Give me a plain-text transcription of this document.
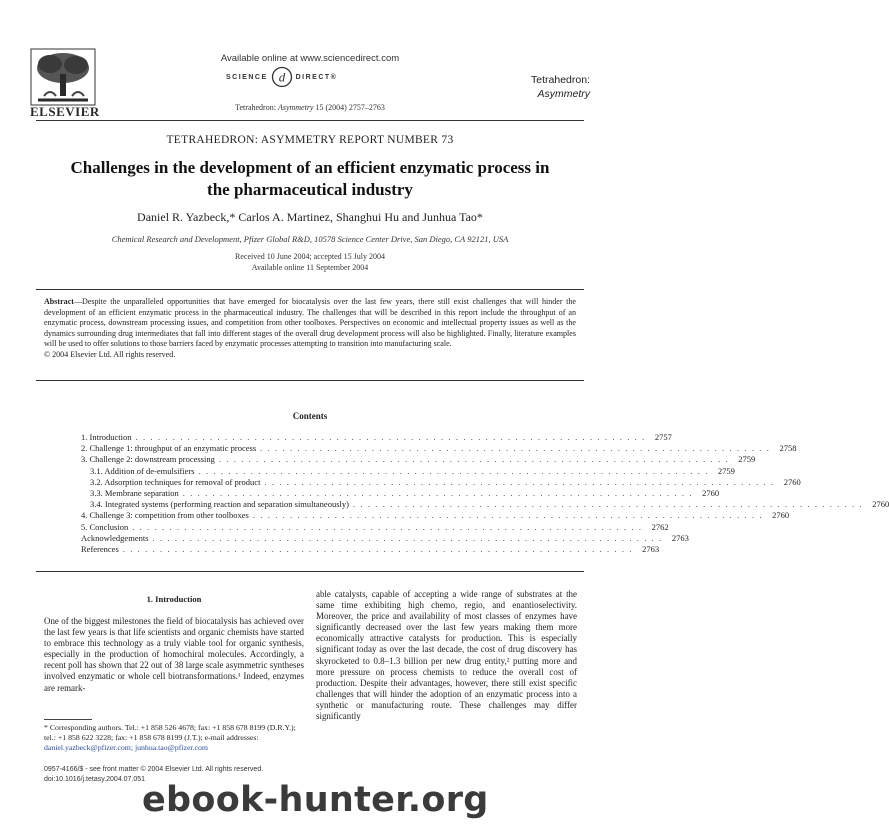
ELSEVIER
Available online at www.sciencedirect.com
SCIENCE d DIRECT®
Tetrahedron: Asymmetry 15 (2004) 2757–2763
Tetrahedron:
Asymmetry
TETRAHEDRON: ASYMMETRY REPORT NUMBER 73
Challenges in the development of an efficient enzymatic process in
the pharmaceutical industry
Daniel R. Yazbeck,* Carlos A. Martinez, Shanghui Hu and Junhua Tao*
Chemical Research and Development, Pfizer Global R&D, 10578 Science Center Drive, San Diego, CA 92121, USA
Received 10 June 2004; accepted 15 July 2004
Available online 11 September 2004
Abstract—Despite the unparalleled opportunities that have emerged for biocatalysis over the last few years, there still exist challenges that will hinder the development of an efficient enzymatic process in the pharmaceutical industry. The challenges that will be described in this report include the throughput of an enzymatic process, downstream processing issues, and competition from other toolboxes. Perspectives on economic and intellectual property issues as well as the dynamics surrounding drug intermediates that fall into different stages of the overall drug development process will also be highlighted. Finally, literature examples will be used to offer solutions to those barriers faced by enzymatic processes attempting to transition into manufacturing scale.
© 2004 Elsevier Ltd. All rights reserved.
Contents
1. Introduction . . . . . . . . . . . . . . . . . . . . . . . . . . . . . . . . . . . . . . . . . . . . . . . . . . . . . . . . . . . . . . . . . . . . .	2757
2. Challenge 1: throughput of an enzymatic process . . . . . . . . . . . . . . . . . . . . . . . . . . . . . . . . . . . . . . . . . . . . . . . . . . . . . . . . . . . . . . . . . . . . .	2758
3. Challenge 2: downstream processing . . . . . . . . . . . . . . . . . . . . . . . . . . . . . . . . . . . . . . . . . . . . . . . . . . . . . . . . . . . . . . . . . . . . .	2759
3.1. Addition of de-emulsifiers . . . . . . . . . . . . . . . . . . . . . . . . . . . . . . . . . . . . . . . . . . . . . . . . . . . . . . . . . . . . . . . . . . . . .	2759
3.2. Adsorption techniques for removal of product . . . . . . . . . . . . . . . . . . . . . . . . . . . . . . . . . . . . . . . . . . . . . . . . . . . . . . . . . . . . . . . . . . . . .	2760
3.3. Membrane separation . . . . . . . . . . . . . . . . . . . . . . . . . . . . . . . . . . . . . . . . . . . . . . . . . . . . . . . . . . . . . . . . . . . . .	2760
3.4. Integrated systems (performing reaction and separation simultaneously) . . . . . . . . . . . . . . . . . . . . . . . . . . . . . . . . . . . . . . . . . . . . . . . . . . . . . . . . . . . . . . . . . . . . .	2760
4. Challenge 3: competition from other toolboxes . . . . . . . . . . . . . . . . . . . . . . . . . . . . . . . . . . . . . . . . . . . . . . . . . . . . . . . . . . . . . . . . . . . . .	2760
5. Conclusion . . . . . . . . . . . . . . . . . . . . . . . . . . . . . . . . . . . . . . . . . . . . . . . . . . . . . . . . . . . . . . . . . . . . .	2762
Acknowledgements . . . . . . . . . . . . . . . . . . . . . . . . . . . . . . . . . . . . . . . . . . . . . . . . . . . . . . . . . . . . . . . . . . . . .	2763
References . . . . . . . . . . . . . . . . . . . . . . . . . . . . . . . . . . . . . . . . . . . . . . . . . . . . . . . . . . . . . . . . . . . . .	2763
1. Introduction
One of the biggest milestones the field of biocatalysis has achieved over the last few years is that life scientists and organic chemists have started to embrace this technology as a truly viable tool for organic synthesis, especially in the production of homochiral molecules. Accordingly, a recent poll has shown that 22 out of 38 large scale asymmetric syntheses involved enzymatic or whole cell biotransformations.¹ Indeed, enzymes are remark-
able catalysts, capable of accepting a wide range of substrates at the same time exhibiting high chemo, regio, and enantioselectivity. Moreover, the price and availability of most classes of enzymes have significantly decreased over the last few years making them more economically attractive catalysts for production. This is especially significant today as over the last decade, the cost of drug discovery has skyrocketed to 0.8–1.3 billion per new drug entity,² putting more and more pressure on process chemists to reduce the overall cost of production. Despite their advantages, however, there still exist specific challenges that will hinder the adoption of an enzymatic process into a synthetic or manufacturing route. These challenges may differ significantly
* Corresponding authors. Tel.: +1 858 526 4678; fax: +1 858 678 8199 (D.R.Y.); tel.: +1 858 622 3228; fax: +1 858 678 8199 (J.T.); e-mail addresses: daniel.yazbeck@pfizer.com; junhua.tao@pfizer.com
0957-4166/$ - see front matter © 2004 Elsevier Ltd. All rights reserved.
doi:10.1016/j.tetasy.2004.07.051
ebook-hunter.org
